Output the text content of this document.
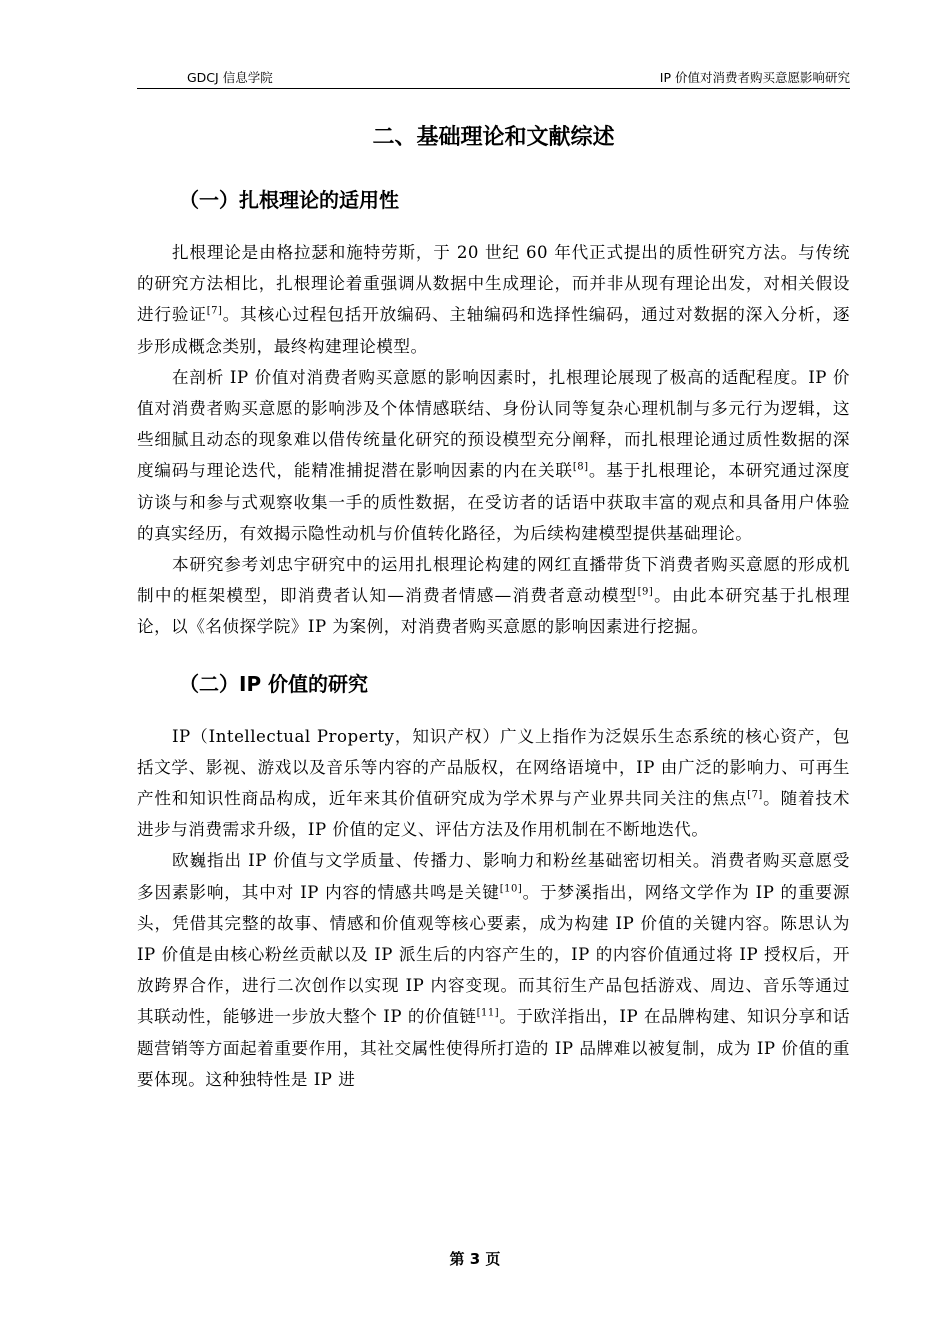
GDCJ 信息学院	IP 价值对消费者购买意愿影响研究
二、基础理论和文献综述
（一）扎根理论的适用性

扎根理论是由格拉瑟和施特劳斯，于 20 世纪 60 年代正式提出的质性研究方法。与传统的研究方法相比，扎根理论着重强调从数据中生成理论，而并非从现有理论出发，对相关假设进行验证[7]。其核心过程包括开放编码、主轴编码和选择性编码，通过对数据的深入分析，逐步形成概念类别，最终构建理论模型。

在剖析 IP 价值对消费者购买意愿的影响因素时，扎根理论展现了极高的适配程度。IP 价值对消费者购买意愿的影响涉及个体情感联结、身份认同等复杂心理机制与多元行为逻辑，这些细腻且动态的现象难以借传统量化研究的预设模型充分阐释，而扎根理论通过质性数据的深度编码与理论迭代，能精准捕捉潜在影响因素的内在关联[8]。基于扎根理论，本研究通过深度访谈与和参与式观察收集一手的质性数据，在受访者的话语中获取丰富的观点和具备用户体验的真实经历，有效揭示隐性动机与价值转化路径，为后续构建模型提供基础理论。

本研究参考刘忠宇研究中的运用扎根理论构建的网红直播带货下消费者购买意愿的形成机制中的框架模型，即消费者认知—消费者情感—消费者意动模型[9]。由此本研究基于扎根理论，以《名侦探学院》IP 为案例，对消费者购买意愿的影响因素进行挖掘。

（二）IP 价值的研究

IP（Intellectual Property，知识产权）广义上指作为泛娱乐生态系统的核心资产，包括文学、影视、游戏以及音乐等内容的产品版权，在网络语境中，IP 由广泛的影响力、可再生产性和知识性商品构成，近年来其价值研究成为学术界与产业界共同关注的焦点[7]。随着技术进步与消费需求升级，IP 价值的定义、评估方法及作用机制在不断地迭代。

欧巍指出 IP 价值与文学质量、传播力、影响力和粉丝基础密切相关。消费者购买意愿受多因素影响，其中对 IP 内容的情感共鸣是关键[10]。于梦溪指出，网络文学作为 IP 的重要源头，凭借其完整的故事、情感和价值观等核心要素，成为构建 IP 价值的关键内容。陈思认为 IP 价值是由核心粉丝贡献以及 IP 派生后的内容产生的，IP 的内容价值通过将 IP 授权后，开放跨界合作，进行二次创作以实现 IP 内容变现。而其衍生产品包括游戏、周边、音乐等通过其联动性，能够进一步放大整个 IP 的价值链[11]。于欧洋指出，IP 在品牌构建、知识分享和话题营销等方面起着重要作用，其社交属性使得所打造的 IP 品牌难以被复制，成为 IP 价值的重要体现。这种独特性是 IP 进

第 3 页
